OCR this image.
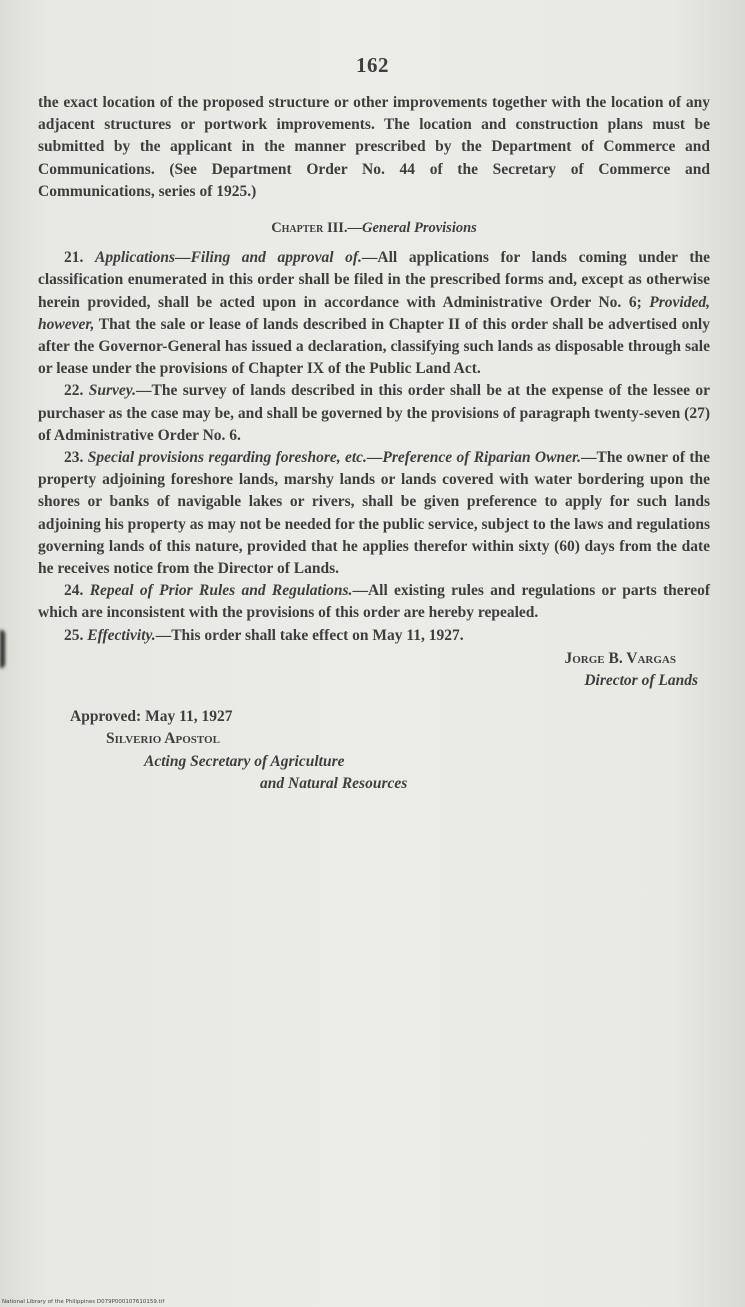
162

the exact location of the proposed structure or other improvements together with the location of any adjacent structures or portwork improvements. The location and construction plans must be submitted by the applicant in the manner prescribed by the Department of Commerce and Communications. (See Department Order No. 44 of the Secretary of Commerce and Communications, series of 1925.)

Chapter III.—General Provisions

21. Applications—Filing and approval of.—All applications for lands coming under the classification enumerated in this order shall be filed in the prescribed forms and, except as otherwise herein provided, shall be acted upon in accordance with Administrative Order No. 6; Provided, however, That the sale or lease of lands described in Chapter II of this order shall be advertised only after the Governor-General has issued a declaration, classifying such lands as disposable through sale or lease under the provisions of Chapter IX of the Public Land Act.

22. Survey.—The survey of lands described in this order shall be at the expense of the lessee or purchaser as the case may be, and shall be governed by the provisions of paragraph twenty-seven (27) of Administrative Order No. 6.

23. Special provisions regarding foreshore, etc.—Preference of Riparian Owner.—The owner of the property adjoining foreshore lands, marshy lands or lands covered with water bordering upon the shores or banks of navigable lakes or rivers, shall be given preference to apply for such lands adjoining his property as may not be needed for the public service, subject to the laws and regulations governing lands of this nature, provided that he applies therefor within sixty (60) days from the date he receives notice from the Director of Lands.

24. Repeal of Prior Rules and Regulations.—All existing rules and regulations or parts thereof which are inconsistent with the provisions of this order are hereby repealed.

25. Effectivity.—This order shall take effect on May 11, 1927.

Jorge B. Vargas

Director of Lands

Approved: May 11, 1927

Silverio Apostol

Acting Secretary of Agriculture

and Natural Resources

National Library of the Philippines D079P000107610159.tif
